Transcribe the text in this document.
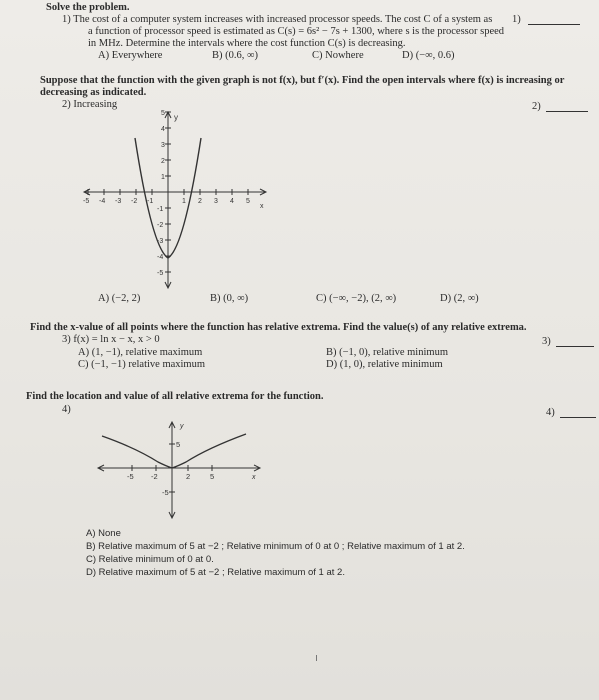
Solve the problem.
1) The cost of a computer system increases with increased processor speeds. The cost C of a system as 1)
a function of processor speed is estimated as C(s) = 6s² − 7s + 1300, where s is the processor speed
in MHz. Determine the intervals where the cost function C(s) is decreasing.
A) Everywhere	B) (0.6, ∞)	C) Nowhere	D) (−∞, 0.6)
Suppose that the function with the given graph is not f(x), but f′(x). Find the open intervals where f(x) is increasing or
decreasing as indicated.
2) Increasing	2)
-5 -4 -3 -2 -1	1 2 3 4 5
5
4
3
2
1
-1
-2
-3
-4
-5
y
x
A) (−2, 2)	B) (0, ∞)	C) (−∞, −2), (2, ∞)	D) (2, ∞)
Find the x-value of all points where the function has relative extrema. Find the value(s) of any relative extrema.
3) f(x) = ln x − x, x > 0	3)
A) (1, −1), relative maximum	B) (−1, 0), relative minimum
C) (−1, −1) relative maximum	D) (1, 0), relative minimum
Find the location and value of all relative extrema for the function.
4)	4)
-5 -2	2	5
5
-5
y
x
A) None
B) Relative maximum of 5 at −2 ; Relative minimum of 0 at 0 ; Relative maximum of 1 at 2.
C) Relative minimum of 0 at 0.
D) Relative maximum of 5 at −2 ; Relative maximum of 1 at 2.
